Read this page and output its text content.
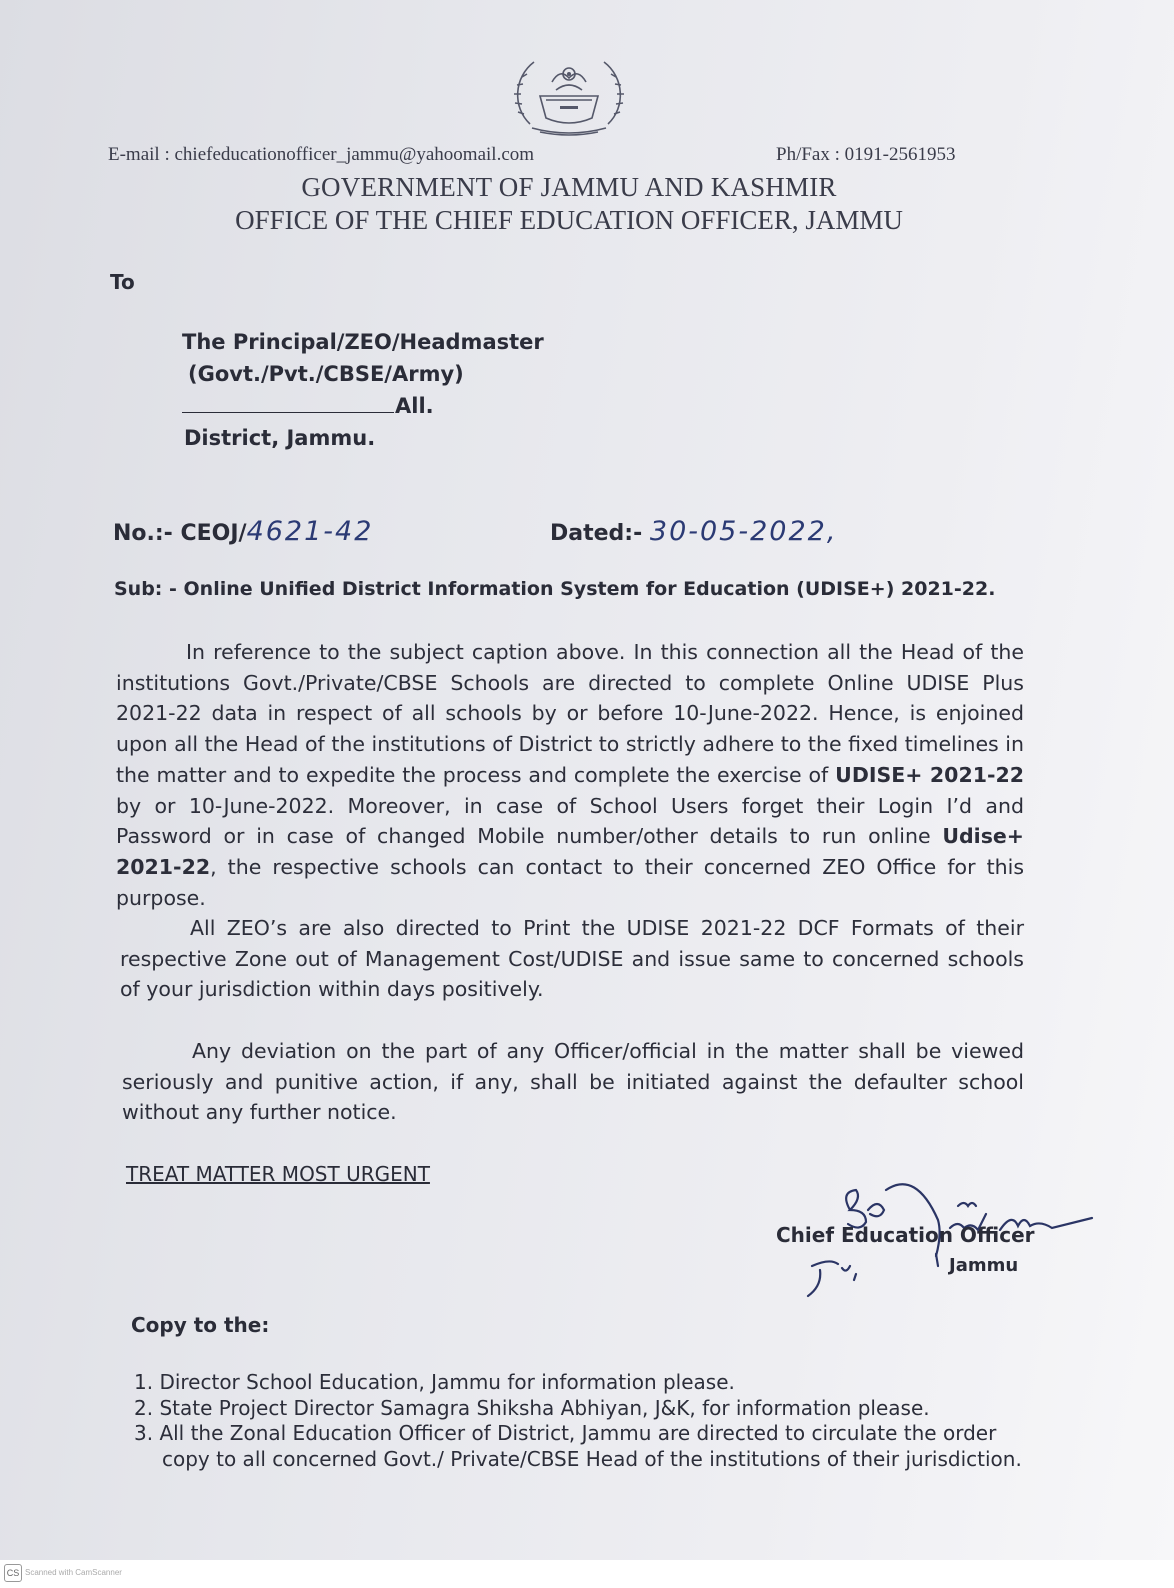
E-mail : chiefeducationofficer_jammu@yahoomail.com	Ph/Fax : 0191-2561953
GOVERNMENT OF JAMMU AND KASHMIR
OFFICE OF THE CHIEF EDUCATION OFFICER, JAMMU
To
The Principal/ZEO/Headmaster
(Govt./Pvt./CBSE/Army)
All.
District, Jammu.
No.:- CEOJ/4621-42	Dated:- 30-05-2022,
Sub: - Online Unified District Information System for Education (UDISE+) 2021-22.
In reference to the subject caption above. In this connection all the Head of the institutions Govt./Private/CBSE Schools are directed to complete Online UDISE Plus 2021-22 data in respect of all schools by or before 10-June-2022. Hence, is enjoined upon all the Head of the institutions of District to strictly adhere to the fixed timelines in the matter and to expedite the process and complete the exercise of UDISE+ 2021-22 by or 10-June-2022. Moreover, in case of School Users forget their Login I’d and Password or in case of changed Mobile number/other details to run online Udise+ 2021-22, the respective schools can contact to their concerned ZEO Office for this purpose.
All ZEO’s are also directed to Print the UDISE 2021-22 DCF Formats of their respective Zone out of Management Cost/UDISE and issue same to concerned schools of your jurisdiction within days positively.
Any deviation on the part of any Officer/official in the matter shall be viewed seriously and punitive action, if any, shall be initiated against the defaulter school without any further notice.
TREAT MATTER MOST URGENT
Chief Education Officer
Jammu
Copy to the:
1. Director School Education, Jammu for information please.
2. State Project Director Samagra Shiksha Abhiyan, J&K, for information please.
3. All the Zonal Education Officer of District, Jammu are directed to circulate the order
copy to all concerned Govt./ Private/CBSE Head of the institutions of their jurisdiction.
CS Scanned with CamScanner
